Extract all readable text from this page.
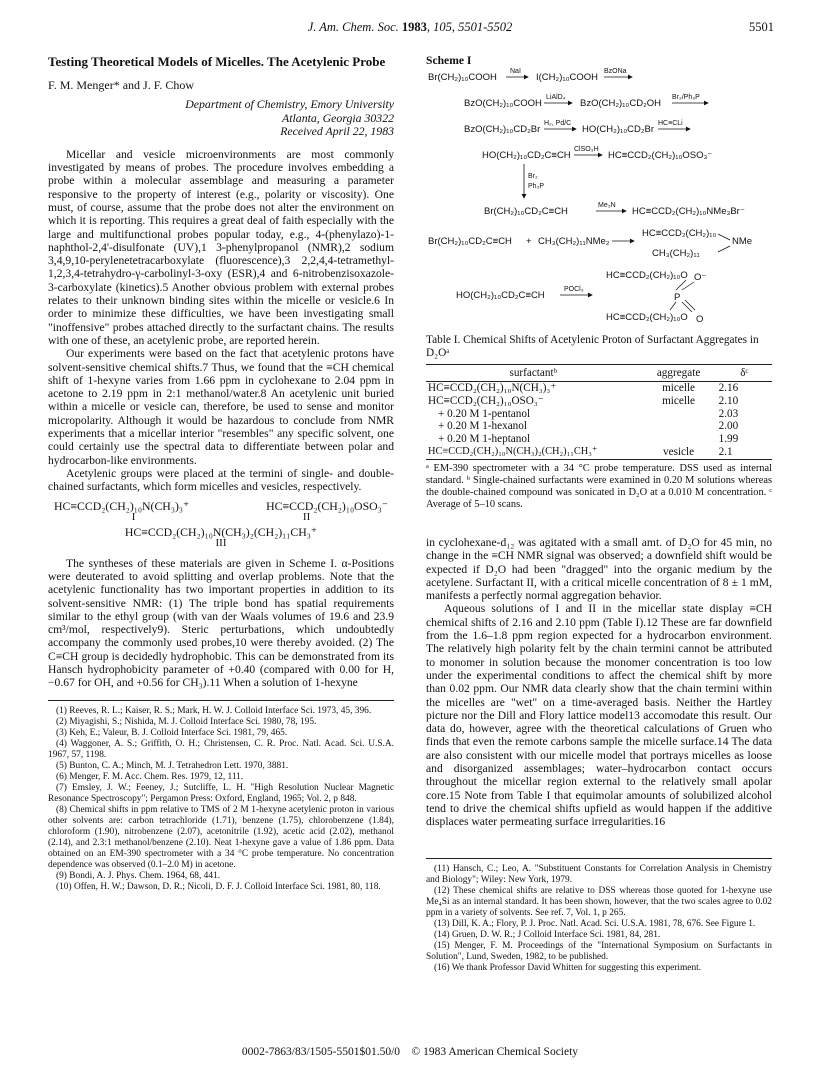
J. Am. Chem. Soc. 1983, 105, 5501-5502	5501
Testing Theoretical Models of Micelles. The Acetylenic Probe
F. M. Menger* and J. F. Chow
Department of Chemistry, Emory University
Atlanta, Georgia 30322
Received April 22, 1983

Micellar and vesicle microenvironments are most commonly investigated by means of probes. The procedure involves embedding a probe within a molecular assemblage and measuring a parameter responsive to the property of interest (e.g., polarity or viscosity). One must, of course, assume that the probe does not alter the environment on which it is reporting. This requires a great deal of faith especially with the large and multifunctional probes popular today, e.g., 4-(phenylazo)-1-naphthol-2,4'-disulfonate (UV),1 3-phenylpropanol (NMR),2 sodium 3,4,9,10-perylenetetracarboxylate (fluorescence),3 2,2,4,4-tetramethyl-1,2,3,4-tetrahydro-γ-carbolinyl-3-oxy (ESR),4 and 6-nitrobenzisoxazole-3-carboxylate (kinetics).5 Another obvious problem with external probes relates to their unknown binding sites within the micelle or vesicle.6 In order to minimize these difficulties, we have been investigating small "inoffensive" probes attached directly to the surfactant chains. The results with one of these, an acetylenic probe, are reported herein.

Our experiments were based on the fact that acetylenic protons have solvent-sensitive chemical shifts.7 Thus, we found that the ≡CH chemical shift of 1-hexyne varies from 1.66 ppm in cyclohexane to 2.04 ppm in acetone to 2.19 ppm in 2:1 methanol/water.8 An acetylenic unit buried within a micelle or vesicle can, therefore, be used to sense and monitor micropolarity. Although it would be hazardous to conclude from NMR experiments that a micellar interior "resembles" any specific solvent, one could certainly use the spectral data to differentiate between polar and hydrocarbon-like environments.

Acetylenic groups were placed at the termini of single- and double-chained surfactants, which form micelles and vesicles, respectively.

HC≡CCD₂(CH₂)₁₀N(CH₃)₃⁺	HC≡CCD₂(CH₂)₁₀OSO₃⁻
I	II
HC≡CCD₂(CH₂)₁₀N(CH₃)₂(CH₂)₁₁CH₃⁺
III

The syntheses of these materials are given in Scheme I. α-Positions were deuterated to avoid splitting and overlap problems. Note that the acetylenic functionality has two important properties in addition to its solvent-sensitive NMR: (1) The triple bond has spatial requirements similar to the ethyl group (with van der Waals volumes of 19.6 and 23.9 cm³/mol, respectively9). Steric perturbations, which undoubtedly accompany the commonly used probes,10 were thereby avoided. (2) The C≡CH group is decidedly hydrophobic. This can be demonstrated from its Hansch hydrophobicity parameter of +0.40 (compared with 0.00 for H, −0.67 for OH, and +0.56 for CH₃).11 When a solution of 1-hexyne

(1) Reeves, R. L.; Kaiser, R. S.; Mark, H. W. J. Colloid Interface Sci. 1973, 45, 396.
(2) Miyagishi, S.; Nishida, M. J. Colloid Interface Sci. 1980, 78, 195.
(3) Keh, E.; Valeur, B. J. Colloid Interface Sci. 1981, 79, 465.
(4) Waggoner, A. S.; Griffith, O. H.; Christensen, C. R. Proc. Natl. Acad. Sci. U.S.A. 1967, 57, 1198.
(5) Bunton, C. A.; Minch, M. J. Tetrahedron Lett. 1970, 3881.
(6) Menger, F. M. Acc. Chem. Res. 1979, 12, 111.
(7) Emsley, J. W.; Feeney, J.; Sutcliffe, L. H. "High Resolution Nuclear Magnetic Resonance Spectroscopy"; Pergamon Press: Oxford, England, 1965; Vol. 2, p 848.
(8) Chemical shifts in ppm relative to TMS of 2 M 1-hexyne acetylenic proton in various other solvents are: carbon tetrachloride (1.71), benzene (1.75), chlorobenzene (1.84), chloroform (1.90), nitrobenzene (2.07), acetonitrile (1.92), acetic acid (2.02), methanol (2.14), and 2.3:1 methanol/benzene (2.10). Neat 1-hexyne gave a value of 1.86 ppm. Data obtained on an EM-390 spectrometer with a 34 °C probe temperature. No concentration dependence was observed (0.1–2.0 M) in acetone.
(9) Bondi, A. J. Phys. Chem. 1964, 68, 441.
(10) Offen, H. W.; Dawson, D. R.; Nicoli, D. F. J. Colloid Interface Sci. 1981, 80, 118.
Scheme I
Br(CH₂)₁₀COOH
NaI
I(CH₂)₁₀COOH
BzONa
BzO(CH₂)₁₀COOH
LiAlD₄
BzO(CH₂)₁₀CD₂OH
Br₂/Ph₃P
BzO(CH₂)₁₀CD₂Br
H₂, Pd/C
HO(CH₂)₁₀CD₂Br
HC≡CLi
HO(CH₂)₁₀CD₂C≡CH
ClSO₃H
HC≡CCD₂(CH₂)₁₀OSO₃⁻
Br₂
Ph₃P
Br(CH₂)₁₀CD₂C≡CH
Me₃N
HC≡CCD₂(CH₂)₁₀NMe₃Br⁻
Br(CH₂)₁₀CD₂C≡CH + CH₃(CH₂)₁₁NMe₂
HC≡CCD₂(CH₂)₁₀
NMe
CH₃(CH₂)₁₁
HO(CH₂)₁₀CD₂C≡CH
POCl₃
HC≡CCD₂(CH₂)₁₀O O⁻
P
HC≡CCD₂(CH₂)₁₀O O

Table I. Chemical Shifts of Acetylenic Proton of Surfactant Aggregates in D₂Oᵃ

surfactantᵇ	aggregate	δᶜ
HC≡CCD₂(CH₂)₁₀N(CH₃)₃⁺	micelle	2.16
HC≡CCD₂(CH₂)₁₀OSO₃⁻	micelle	2.10
+ 0.20 M 1-pentanol		2.03
+ 0.20 M 1-hexanol		2.00
+ 0.20 M 1-heptanol		1.99
HC≡CCD₂(CH₂)₁₀N(CH₃)₂(CH₂)₁₁CH₃⁺	vesicle	2.1

ᵃ EM-390 spectrometer with a 34 °C probe temperature. DSS used as internal standard. ᵇ Single-chained surfactants were examined in 0.20 M solutions whereas the double-chained compound was sonicated in D₂O at a 0.010 M concentration. ᶜ Average of 5–10 scans.

in cyclohexane-d₁₂ was agitated with a small amt. of D₂O for 45 min, no change in the ≡CH NMR signal was observed; a downfield shift would be expected if D₂O had been "dragged" into the organic medium by the acetylene. Surfactant II, with a critical micelle concentration of 8 ± 1 mM, manifests a perfectly normal aggregation behavior.

Aqueous solutions of I and II in the micellar state display ≡CH chemical shifts of 2.16 and 2.10 ppm (Table I).12 These are far downfield from the 1.6–1.8 ppm region expected for a hydrocarbon environment. The relatively high polarity felt by the chain termini cannot be attributed to monomer in solution because the monomer concentration is too low under the experimental conditions to affect the chemical shift by more than 0.02 ppm. Our NMR data clearly show that the chain termini within the micelles are "wet" on a time-averaged basis. Neither the Hartley picture nor the Dill and Flory lattice model13 accomodate this result. Our data do, however, agree with the theoretical calculations of Gruen who finds that even the remote carbons sample the micelle surface.14 The data are also consistent with our micelle model that portrays micelles as loose and disorganized assemblages; water–hydrocarbon contact occurs throughout the micellar region external to the relatively small apolar core.15 Note from Table I that equimolar amounts of solubilized alcohol tend to drive the chemical shifts upfield as would happen if the additive displaces water permeating surface irregularities.16

(11) Hansch, C.; Leo, A. "Substituent Constants for Correlation Analysis in Chemistry and Biology"; Wiley: New York, 1979.
(12) These chemical shifts are relative to DSS whereas those quoted for 1-hexyne use Me₄Si as an internal standard. It has been shown, however, that the two scales agree to 0.02 ppm in a variety of solvents. See ref. 7, Vol. 1, p 265.
(13) Dill, K. A.; Flory, P. J. Proc. Natl. Acad. Sci. U.S.A. 1981, 78, 676. See Figure 1.
(14) Gruen, D. W. R.; J Colloid Interface Sci. 1981, 84, 281.
(15) Menger, F. M. Proceedings of the "International Symposium on Surfactants in Solution", Lund, Sweden, 1982, to be published.
(16) We thank Professor David Whitten for suggesting this experiment.
0002-7863/83/1505-5501$01.50/0 © 1983 American Chemical Society
